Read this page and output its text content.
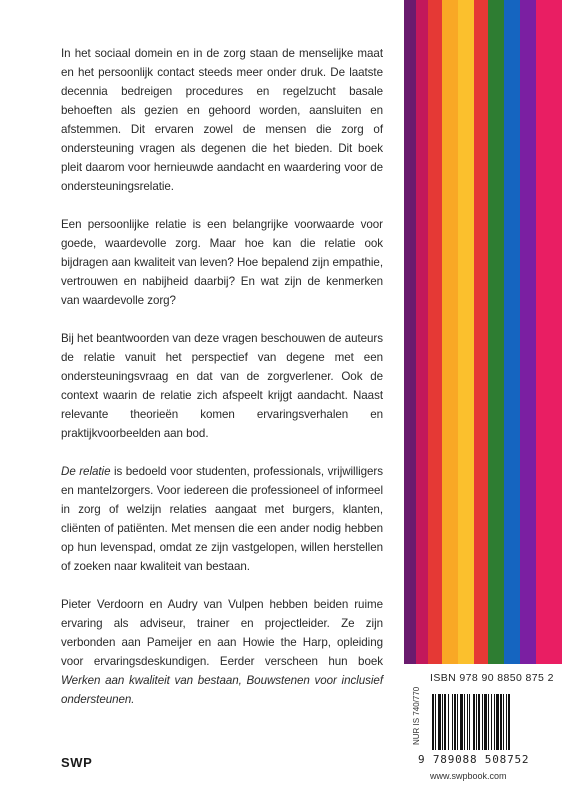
In het sociaal domein en in de zorg staan de menselijke maat en het persoonlijk contact steeds meer onder druk. De laatste decennia bedreigen procedures en regelzucht basale behoeften als gezien en gehoord worden, aansluiten en afstemmen. Dit ervaren zowel de mensen die zorg of ondersteuning vragen als degenen die het bieden. Dit boek pleit daarom voor hernieuwde aandacht en waardering voor de ondersteuningsrelatie.

Een persoonlijke relatie is een belangrijke voorwaarde voor goede, waardevolle zorg. Maar hoe kan die relatie ook bijdragen aan kwaliteit van leven? Hoe bepalend zijn empathie, vertrouwen en nabijheid daarbij? En wat zijn de kenmerken van waardevolle zorg?

Bij het beantwoorden van deze vragen beschouwen de auteurs de relatie vanuit het perspectief van degene met een ondersteuningsvraag en dat van de zorgverlener. Ook de context waarin de relatie zich afspeelt krijgt aandacht. Naast relevante theorieën komen ervaringsverhalen en praktijkvoorbeelden aan bod.

De relatie is bedoeld voor studenten, professionals, vrijwilligers en mantelzorgers. Voor iedereen die professioneel of informeel in zorg of welzijn relaties aangaat met burgers, klanten, cliënten of patiënten. Met mensen die een ander nodig hebben op hun levenspad, omdat ze zijn vastgelopen, willen herstellen of zoeken naar kwaliteit van bestaan.

Pieter Verdoorn en Audry van Vulpen hebben beiden ruime ervaring als adviseur, trainer en projectleider. Ze zijn verbonden aan Pameijer en aan Howie the Harp, opleiding voor ervaringsdeskundigen. Eerder verscheen hun boek Werken aan kwaliteit van bestaan, Bouwstenen voor inclusief ondersteunen.

ISBN 978 90 8850 875 2
NUR IS 740/770
9 789088 508752
www.swpbook.com
SWP
